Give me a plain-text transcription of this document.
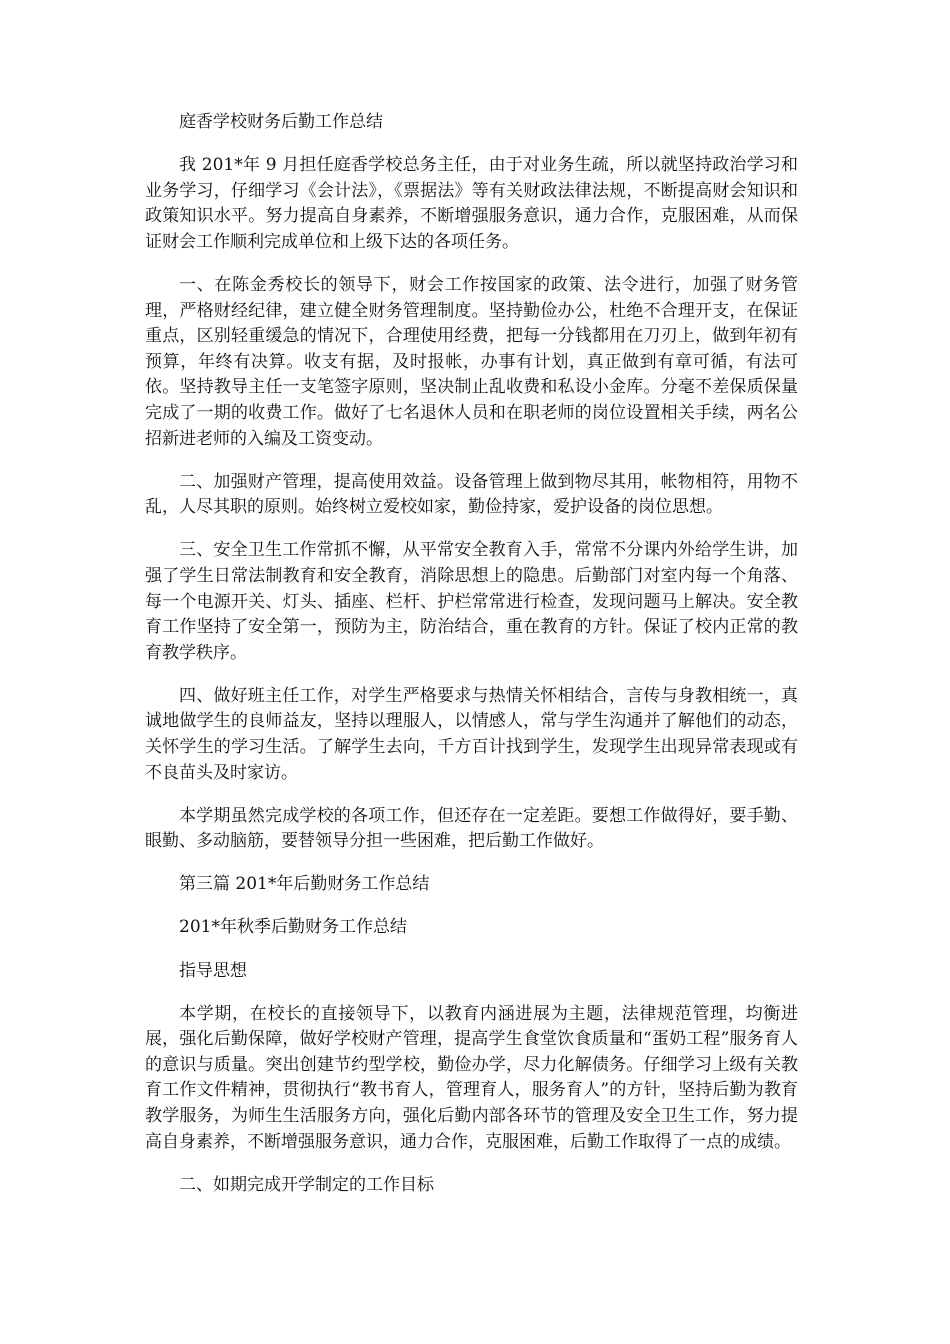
庭香学校财务后勤工作总结

我 201*年 9 月担任庭香学校总务主任，由于对业务生疏，所以就坚持政治学习和业务学习，仔细学习《会计法》，《票据法》等有关财政法律法规，不断提高财会知识和政策知识水平。努力提高自身素养，不断增强服务意识，通力合作，克服困难，从而保证财会工作顺利完成单位和上级下达的各项任务。

一、在陈金秀校长的领导下，财会工作按国家的政策、法令进行，加强了财务管理，严格财经纪律，建立健全财务管理制度。坚持勤俭办公，杜绝不合理开支，在保证重点，区别轻重缓急的情况下，合理使用经费，把每一分钱都用在刀刃上，做到年初有预算，年终有决算。收支有据，及时报帐，办事有计划，真正做到有章可循，有法可依。坚持教导主任一支笔签字原则，坚决制止乱收费和私设小金库。分毫不差保质保量完成了一期的收费工作。做好了七名退休人员和在职老师的岗位设置相关手续，两名公招新进老师的入编及工资变动。

二、加强财产管理，提高使用效益。设备管理上做到物尽其用，帐物相符，用物不乱，人尽其职的原则。始终树立爱校如家，勤俭持家，爱护设备的岗位思想。

三、安全卫生工作常抓不懈，从平常安全教育入手，常常不分课内外给学生讲，加强了学生日常法制教育和安全教育，消除思想上的隐患。后勤部门对室内每一个角落、每一个电源开关、灯头、插座、栏杆、护栏常常进行检查，发现问题马上解决。安全教育工作坚持了安全第一，预防为主，防治结合，重在教育的方针。保证了校内正常的教育教学秩序。

四、做好班主任工作，对学生严格要求与热情关怀相结合，言传与身教相统一，真诚地做学生的良师益友，坚持以理服人，以情感人，常与学生沟通并了解他们的动态，关怀学生的学习生活。了解学生去向，千方百计找到学生，发现学生出现异常表现或有不良苗头及时家访。

本学期虽然完成学校的各项工作，但还存在一定差距。要想工作做得好，要手勤、眼勤、多动脑筋，要替领导分担一些困难，把后勤工作做好。

第三篇 201*年后勤财务工作总结

201*年秋季后勤财务工作总结

指导思想

本学期，在校长的直接领导下，以教育内涵进展为主题，法律规范管理，均衡进展，强化后勤保障，做好学校财产管理，提高学生食堂饮食质量和“蛋奶工程”服务育人的意识与质量。突出创建节约型学校，勤俭办学，尽力化解债务。仔细学习上级有关教育工作文件精神，贯彻执行“教书育人，管理育人，服务育人”的方针，坚持后勤为教育教学服务，为师生生活服务方向，强化后勤内部各环节的管理及安全卫生工作，努力提高自身素养，不断增强服务意识，通力合作，克服困难，后勤工作取得了一点的成绩。

二、如期完成开学制定的工作目标
